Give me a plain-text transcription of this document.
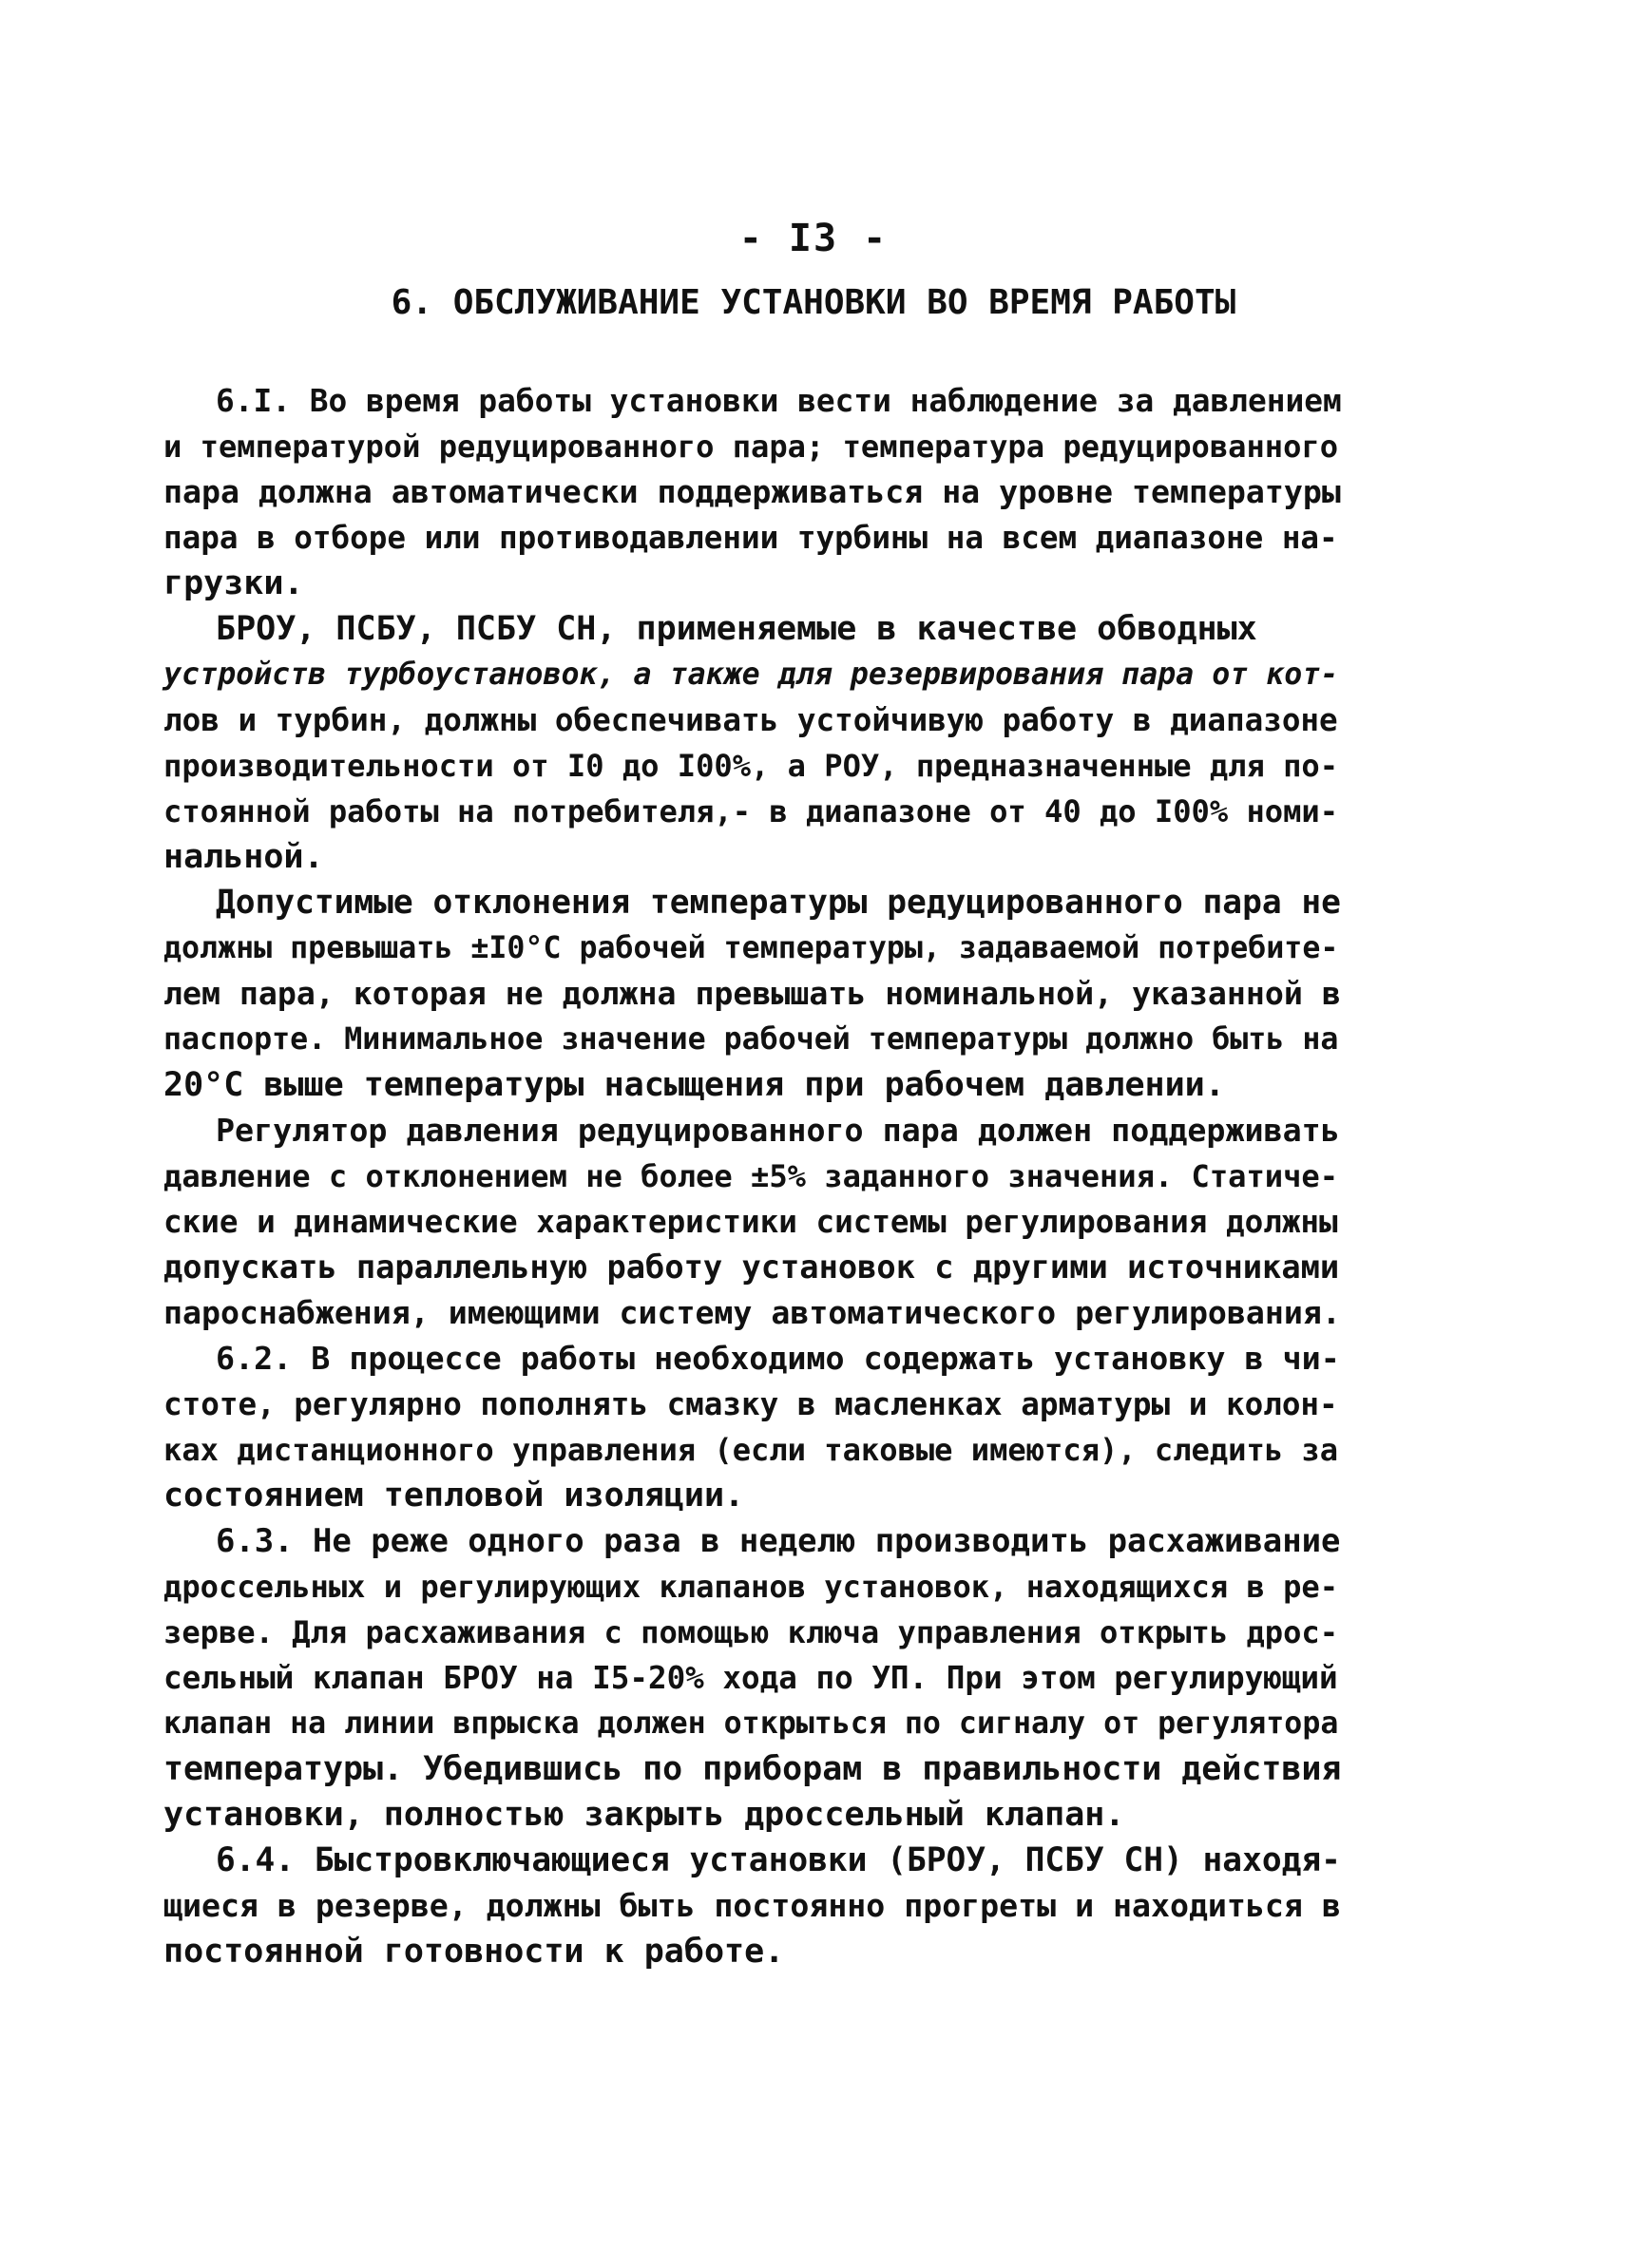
- I3 -
6. ОБСЛУЖИВАНИЕ УСТАНОВКИ ВО ВРЕМЯ РАБОТЫ
6.I. Во время работы установки вести наблюдение за давлением
и температурой редуцированного пара; температура редуцированного
пара должна автоматически поддерживаться на уровне температуры
пара в отборе или противодавлении турбины на всем диапазоне на-
грузки.
БРОУ, ПСБУ, ПСБУ СН, применяемые в качестве обводных
устройств турбоустановок, а также для резервирования пара от кот-
лов и турбин, должны обеспечивать устойчивую работу в диапазоне
производительности от I0 до I00%, а РОУ, предназначенные для по-
стоянной работы на потребителя,- в диапазоне от 40 до I00% номи-
нальной.
Допустимые отклонения температуры редуцированного пара не
должны превышать ±I0°C рабочей температуры, задаваемой потребите-
лем пара, которая не должна превышать номинальной, указанной в
паспорте. Минимальное значение рабочей температуры должно быть на
20°С выше температуры насыщения при рабочем давлении.
Регулятор давления редуцированного пара должен поддерживать
давление с отклонением не более ±5% заданного значения. Статиче-
ские и динамические характеристики системы регулирования должны
допускать параллельную работу установок с другими источниками
пароснабжения, имеющими систему автоматического регулирования.
6.2. В процессе работы необходимо содержать установку в чи-
стоте, регулярно пополнять смазку в масленках арматуры и колон-
ках дистанционного управления (если таковые имеются), следить за
состоянием тепловой изоляции.
6.3. Не реже одного раза в неделю производить расхаживание
дроссельных и регулирующих клапанов установок, находящихся в ре-
зерве. Для расхаживания с помощью ключа управления открыть дрос-
сельный клапан БРОУ на I5-20% хода по УП. При этом регулирующий
клапан на линии впрыска должен открыться по сигналу от регулятора
температуры. Убедившись по приборам в правильности действия
установки, полностью закрыть дроссельный клапан.
6.4. Быстровключающиеся установки (БРОУ, ПСБУ СН) находя-
щиеся в резерве, должны быть постоянно прогреты и находиться в
постоянной готовности к работе.
